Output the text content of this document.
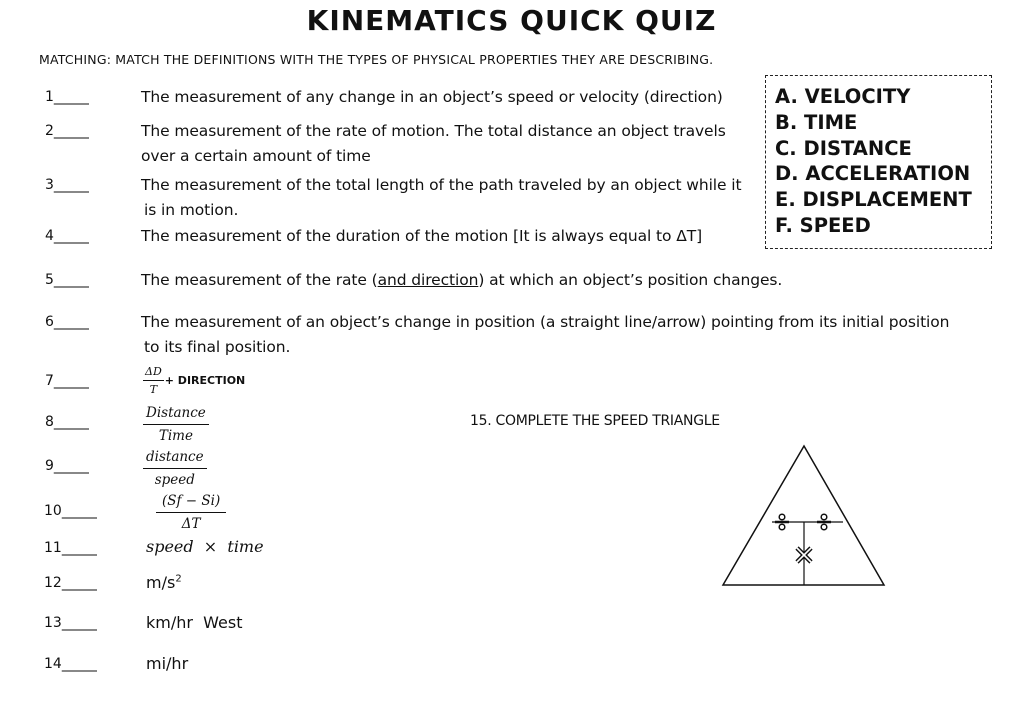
KINEMATICS QUICK QUIZ
MATCHING: MATCH THE DEFINITIONS WITH THE TYPES OF PHYSICAL PROPERTIES THEY ARE DESCRIBING.
1_____	The measurement of any change in an object’s speed or velocity (direction)
2_____	The measurement of the rate of motion. The total distance an object travels
over a certain amount of time
3_____	The measurement of the total length of the path traveled by an object while it
is in motion.
4_____	The measurement of the duration of the motion [It is always equal to ΔT]
5_____	The measurement of the rate (and direction) at which an object’s position changes.
6_____	The measurement of an object’s change in position (a straight line/arrow) pointing from its initial position
to its final position.
7_____	$\frac{\Delta D}{T}$ + DIRECTION
8_____	$\frac{\text{Distance}}{\text{Time}}$
9_____	$\frac{\text{distance}}{\text{speed}}$
10_____	$\frac{(Sf - Si)}{\Delta T}$
11_____	speed  ×  time
12_____	$m/s^2$
13_____	km/hr  West
14_____	mi/hr
A. VELOCITY
B. TIME
C. DISTANCE
D. ACCELERATION
E. DISPLACEMENT
F. SPEED
15. COMPLETE THE SPEED TRIANGLE
